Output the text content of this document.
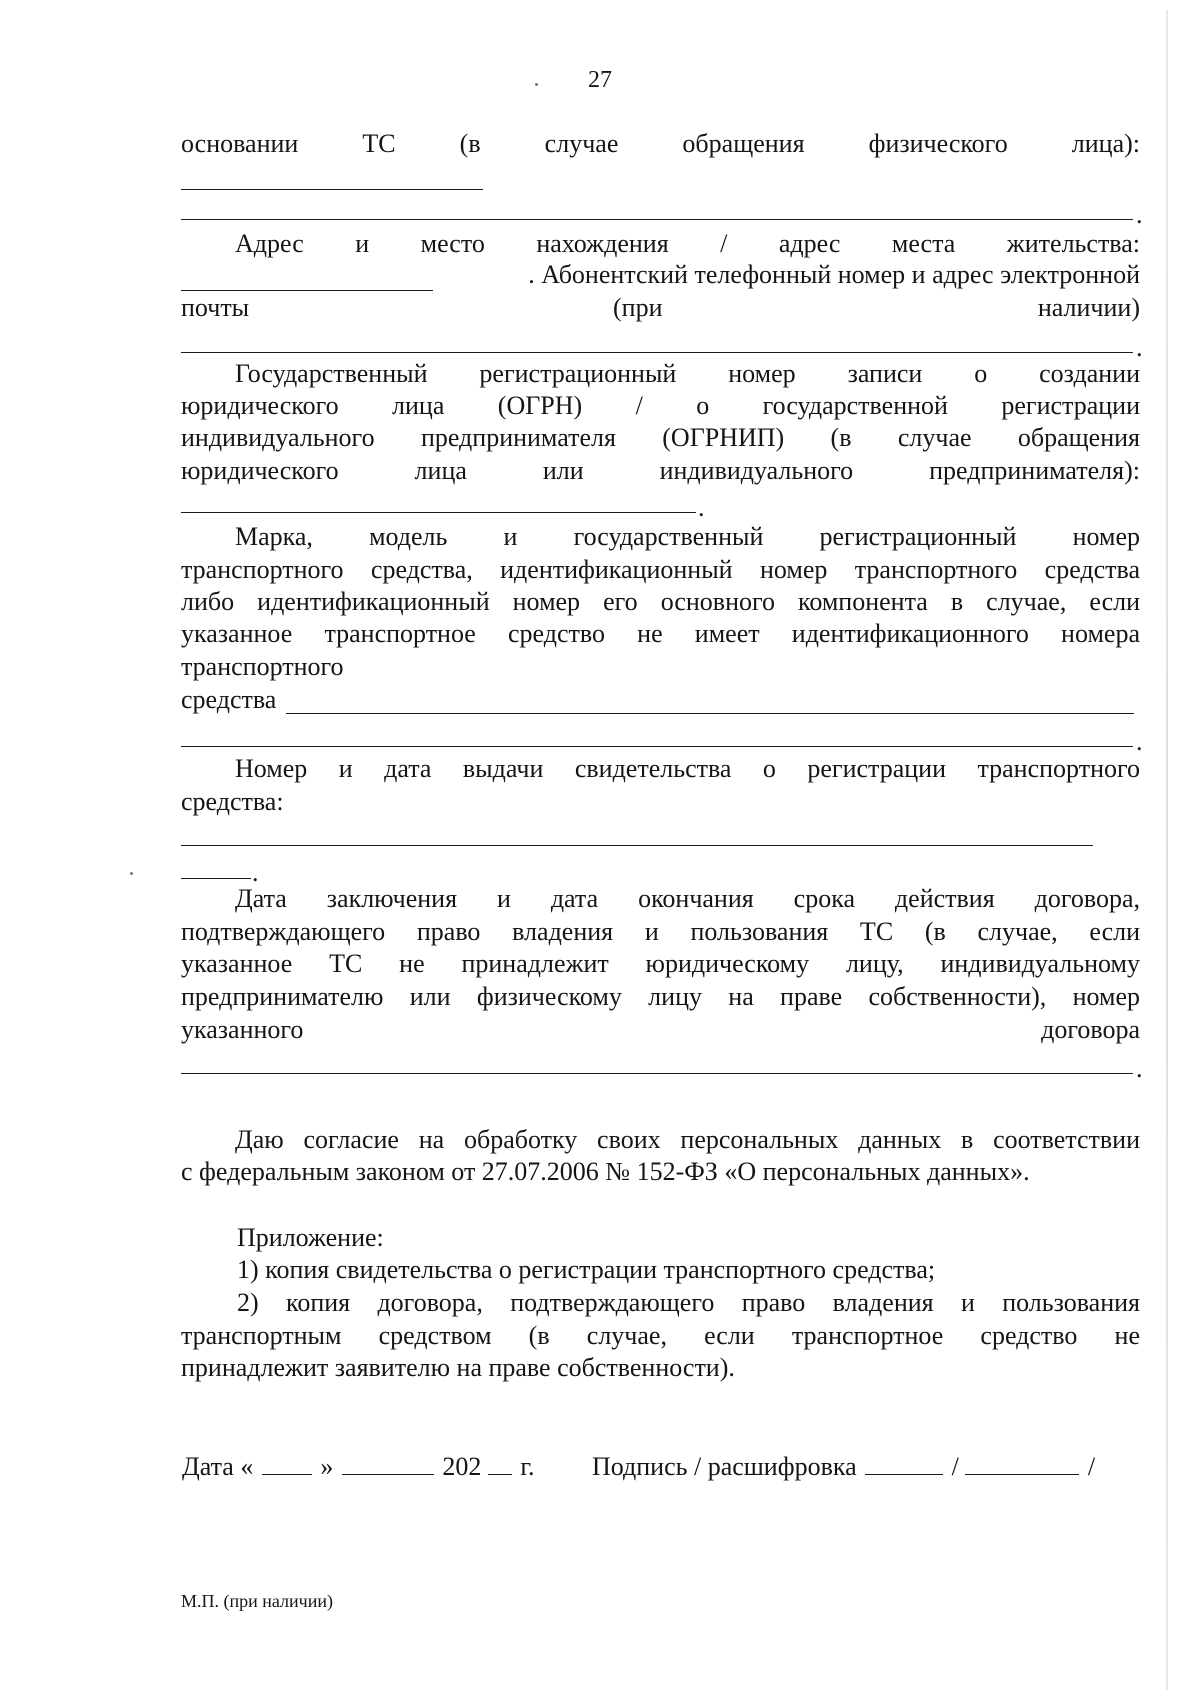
27
основании ТС (в случае обращения физического лица):
.
Адрес и место нахождения / адрес места жительства:
. Абонентский телефонный номер и адрес электронной
почты	(при	наличии)
.
Государственный регистрационный номер записи о создании
юридического лица (ОГРН) / о государственной регистрации
индивидуального предпринимателя (ОГРНИП) (в случае обращения
юридического лица или индивидуального предпринимателя):
.
Марка, модель и государственный регистрационный номер
транспортного средства, идентификационный номер транспортного средства
либо идентификационный номер его основного компонента в случае, если
указанное транспортное средство не имеет идентификационного номера
транспортного
средства
.
Номер и дата выдачи свидетельства о регистрации транспортного
средства:
.
Дата заключения и дата окончания срока действия договора,
подтверждающего право владения и пользования ТС (в случае, если
указанное ТС не принадлежит юридическому лицу, индивидуальному
предпринимателю или физическому лицу на праве собственности), номер
указанного	договора
.
Даю согласие на обработку своих персональных данных в соответствии
с федеральным законом от 27.07.2006 № 152-ФЗ «О персональных данных».
Приложение:
1) копия свидетельства о регистрации транспортного средства;
2) копия договора, подтверждающего право владения и пользования
транспортным средством (в случае, если транспортное средство не
принадлежит заявителю на праве собственности).
Дата «	»	202 г. Подпись / расшифровка	/	/
М.П. (при наличии)
